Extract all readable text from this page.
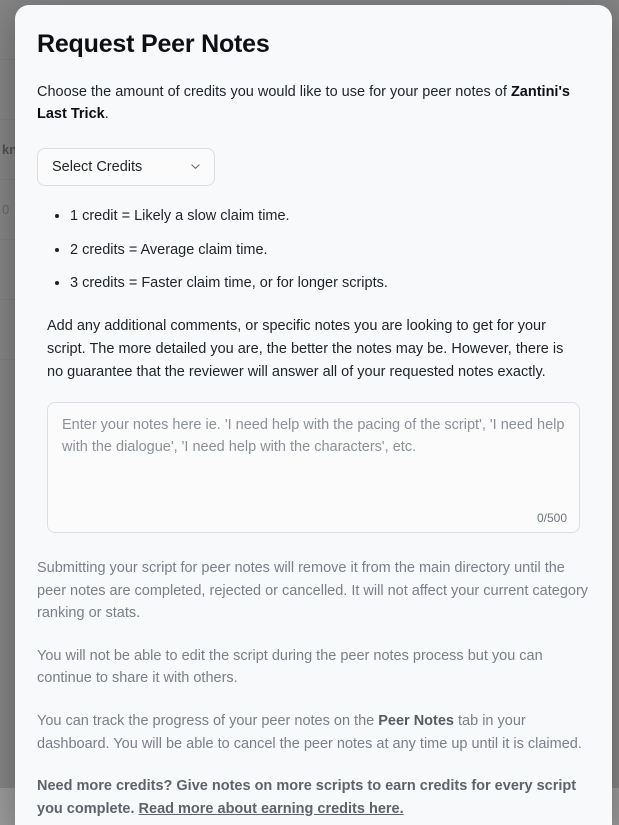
Request Peer Notes

Choose the amount of credits you would like to use for your peer notes of Zantini's Last Trick.

Select Credits
1 credit = Likely a slow claim time.
2 credits = Average claim time.
3 credits = Faster claim time, or for longer scripts.

Add any additional comments, or specific notes you are looking to get for your script. The more detailed you are, the better the notes may be. However, there is no guarantee that the reviewer will answer all of your requested notes exactly.

Enter your notes here ie. 'I need help with the pacing of the script', 'I need help with the dialogue', 'I need help with the characters', etc.
0/500

Submitting your script for peer notes will remove it from the main directory until the peer notes are completed, rejected or cancelled. It will not affect your current category ranking or stats.

You will not be able to edit the script during the peer notes process but you can continue to share it with others.

You can track the progress of your peer notes on the Peer Notes tab in your dashboard. You will be able to cancel the peer notes at any time up until it is claimed.

Need more credits? Give notes on more scripts to earn credits for every script you complete. Read more about earning credits here.
